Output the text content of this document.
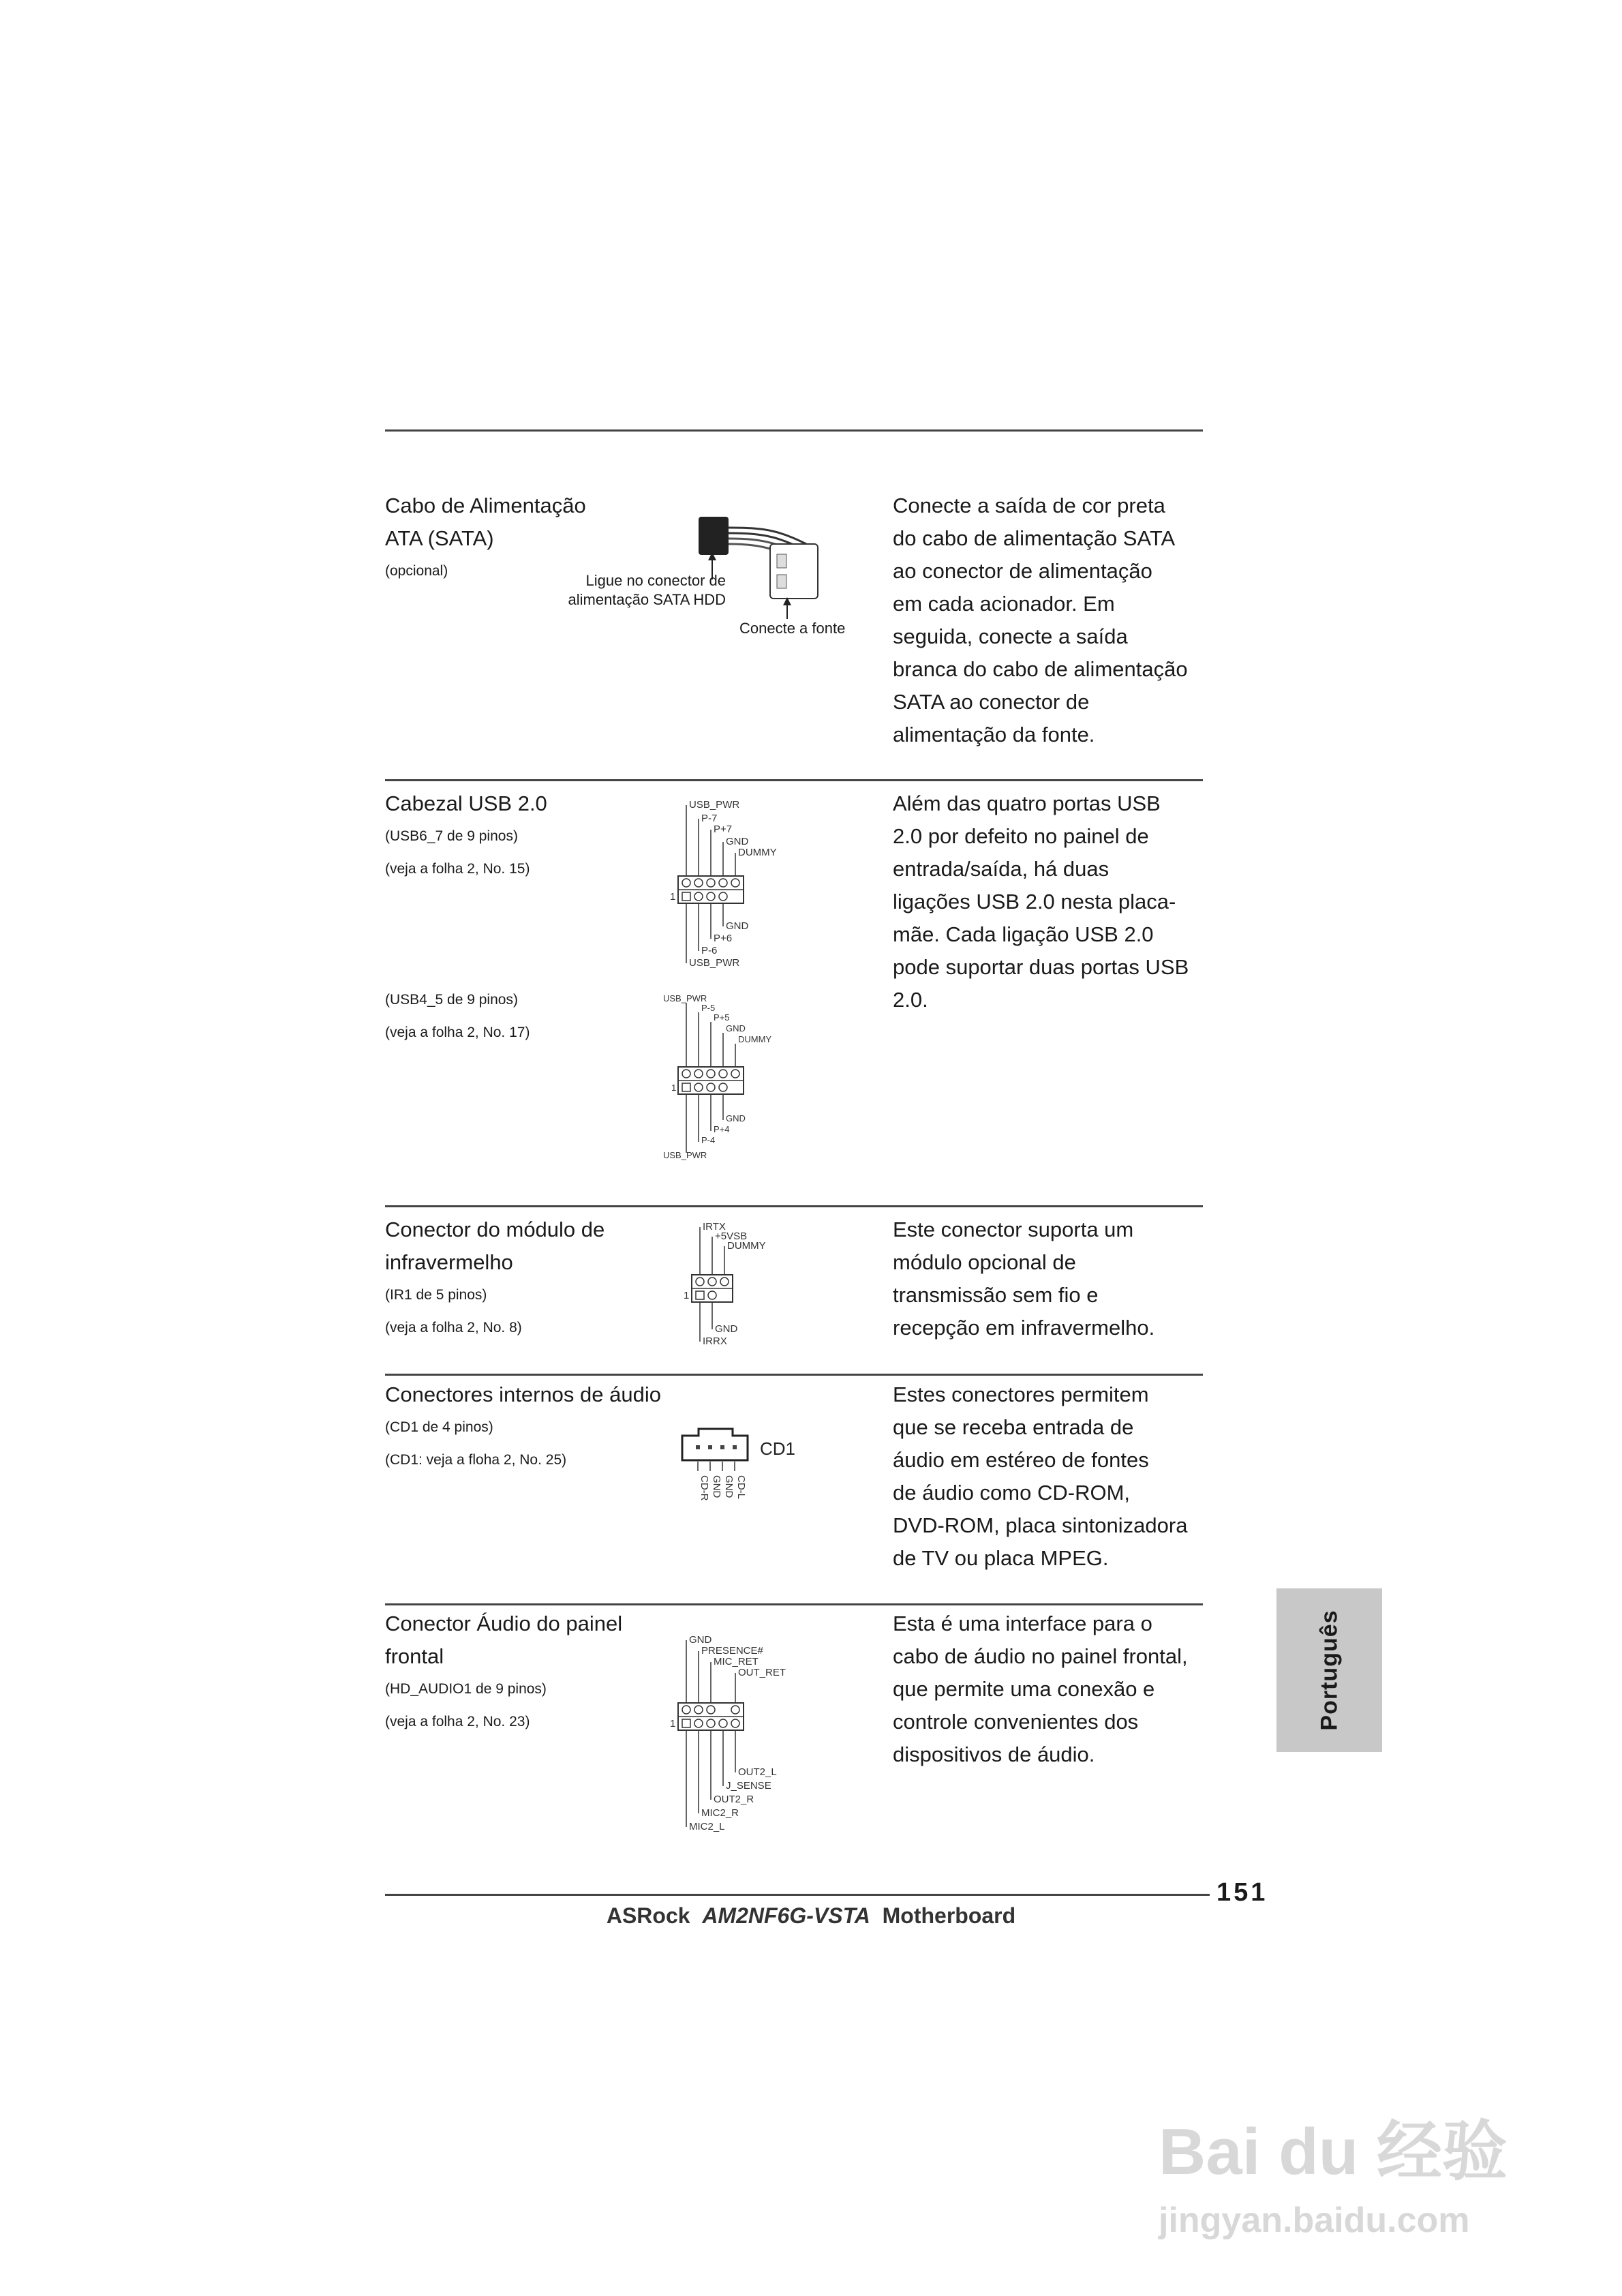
Cabo de Alimentação
ATA (SATA)
(opcional)
Ligue no conector de
alimentação SATA HDD
Conecte a fonte
Conecte a saída de cor preta
do cabo de alimentação SATA
ao conector de alimentação
em cada acionador. Em
seguida, conecte a saída
branca do cabo de alimentação
SATA ao conector de
alimentação da fonte.
Cabezal USB 2.0
(USB6_7 de 9 pinos)
(veja a folha 2, No. 15)
(USB4_5 de 9 pinos)
(veja a folha 2, No. 17)
USB_PWR
P-7
P+7
GND
DUMMY
GND
P+6
P-6
USB_PWR
1
USB_PWR
P-5
P+5
GND
DUMMY
GND
P+4
P-4
USB_PWR
1
Além das quatro portas USB
2.0 por defeito no painel de
entrada/saída, há duas
ligações USB 2.0 nesta placa-
mãe. Cada ligação USB 2.0
pode suportar duas portas USB
2.0.
Conector do módulo de
infravermelho
(IR1 de 5 pinos)
(veja a folha 2, No. 8)
IRTX
+5VSB
DUMMY
GND
IRRX
1
Este conector suporta um
módulo opcional de
transmissão sem fio e
recepção em infravermelho.
Conectores internos de áudio
(CD1 de 4 pinos)
(CD1: veja a floha 2, No. 25)
CD1
CD-R GND GND CD-L
Estes conectores permitem
que se receba entrada de
áudio em estéreo de fontes
de áudio como CD-ROM,
DVD-ROM, placa sintonizadora
de TV ou placa MPEG.
Conector Áudio do painel
frontal
(HD_AUDIO1 de 9 pinos)
(veja a folha 2, No. 23)
GND
PRESENCE#
MIC_RET
OUT_RET
OUT2_L
J_SENSE
OUT2_R
MIC2_R
MIC2_L
1
Esta é uma interface para o
cabo de áudio no painel frontal,
que permite uma conexão e
controle convenientes dos
dispositivos de áudio.
Português
151
ASRock AM2NF6G-VSTA Motherboard
Bai du 经验
jingyan.baidu.com
